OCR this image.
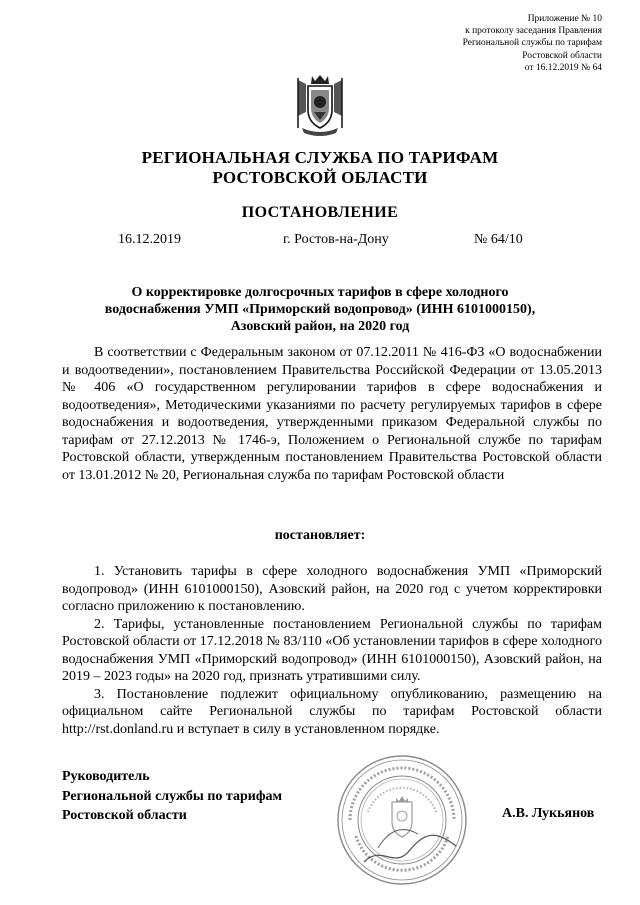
Приложение № 10
к протоколу заседания Правления
Региональной службы по тарифам
Ростовской области
от 16.12.2019 № 64
РЕГИОНАЛЬНАЯ СЛУЖБА ПО ТАРИФАМ
РОСТОВСКОЙ ОБЛАСТИ
ПОСТАНОВЛЕНИЕ
16.12.2019	г. Ростов-на-Дону	№ 64/10
О корректировке долгосрочных тарифов в сфере холодного
водоснабжения УМП «Приморский водопровод» (ИНН 6101000150),
Азовский район, на 2020 год

В соответствии с Федеральным законом от 07.12.2011 № 416-ФЗ «О водоснабжении и водоотведении», постановлением Правительства Российской Федерации от 13.05.2013 № 406 «О государственном регулировании тарифов в сфере водоснабжения и водоотведения», Методическими указаниями по расчету регулируемых тарифов в сфере водоснабжения и водоотведения, утвержденными приказом Федеральной службы по тарифам от 27.12.2013 № 1746-э, Положением о Региональной службе по тарифам Ростовской области, утвержденным постановлением Правительства Ростовской области от 13.01.2012 № 20, Региональная служба по тарифам Ростовской области

постановляет:

1. Установить тарифы в сфере холодного водоснабжения УМП «Приморский водопровод» (ИНН 6101000150), Азовский район, на 2020 год с учетом корректировки согласно приложению к постановлению.

2. Тарифы, установленные постановлением Региональной службы по тарифам Ростовской области от 17.12.2018 № 83/110 «Об установлении тарифов в сфере холодного водоснабжения УМП «Приморский водопровод» (ИНН 6101000150), Азовский район, на 2019 – 2023 годы» на 2020 год, признать утратившими силу.

3. Постановление подлежит официальному опубликованию, размещению на официальном сайте Региональной службы по тарифам Ростовской области http://rst.donland.ru и вступает в силу в установленном порядке.

Руководитель
Региональной службы по тарифам
Ростовской области	А.В. Лукьянов
